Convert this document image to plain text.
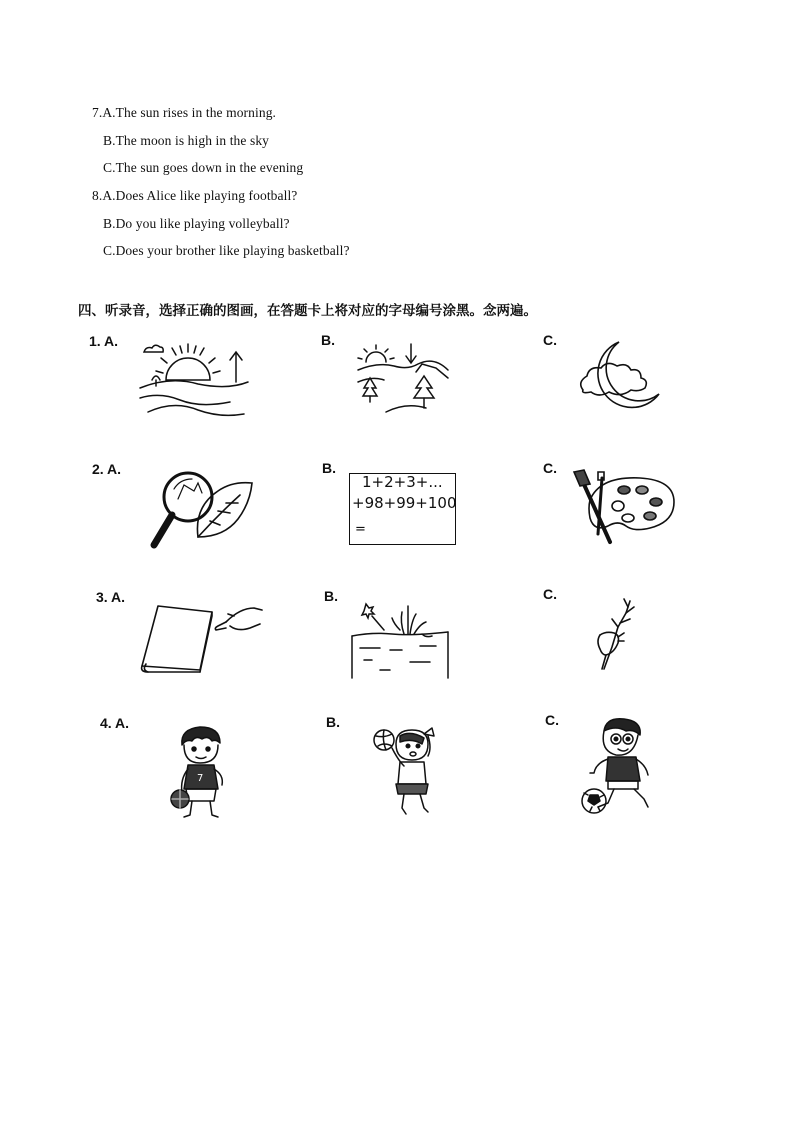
7.A.The sun rises in the morning.
B.The moon is high in the sky
C.The sun goes down in the evening
8.A.Does Alice like playing football?
B.Do you like playing volleyball?
C.Does your brother like playing basketball?
四、听录音，选择正确的图画，在答题卡上将对应的字母编号涂黑。念两遍。
1. A.	B.	C.
2. A.	B.	C.
1+2+3+...
+98+99+100
=
3. A.	B.	C.
4. A.	B.	C.
7
